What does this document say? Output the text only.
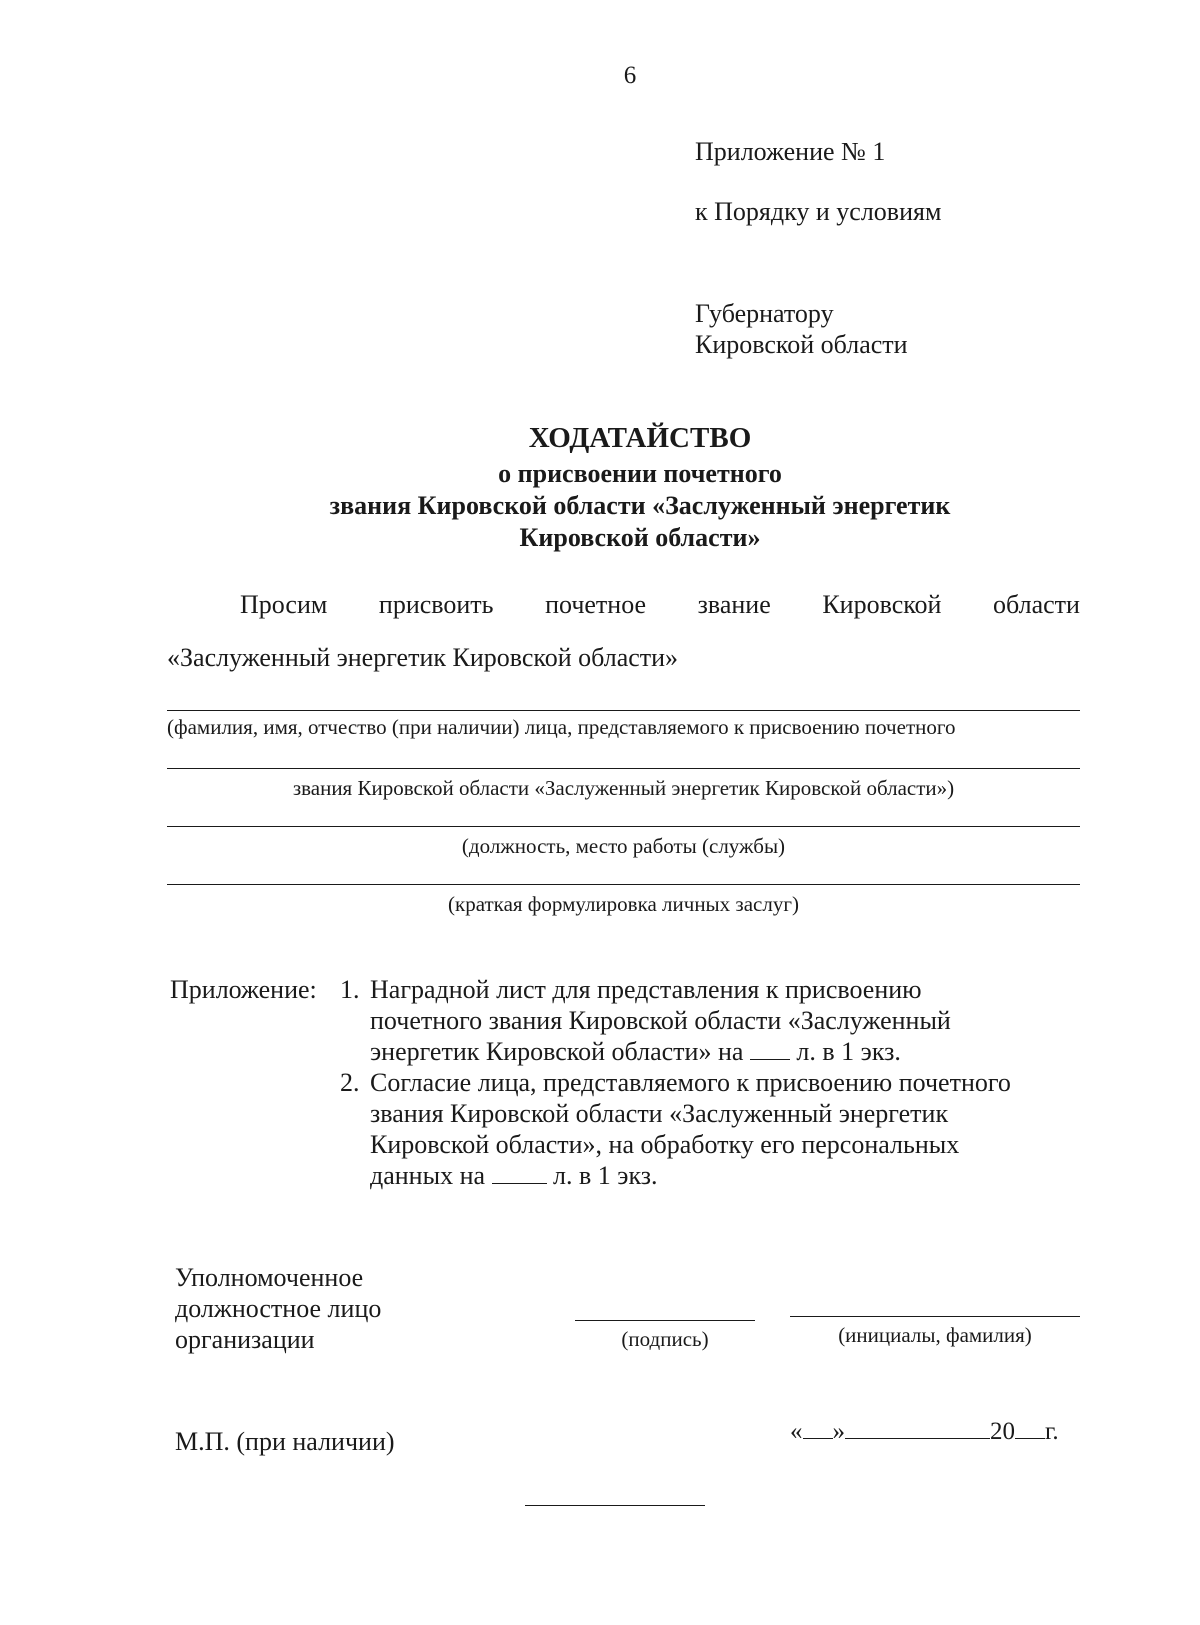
6
Приложение № 1
к Порядку и условиям
Губернатору
Кировской области
ХОДАТАЙСТВО
о присвоении почетного
звания Кировской области «Заслуженный энергетик
Кировской области»
Просим присвоить почетное звание Кировской области
«Заслуженный энергетик Кировской области»
(фамилия, имя, отчество (при наличии) лица, представляемого к присвоению почетного
звания Кировской области «Заслуженный энергетик Кировской области»)
(должность, место работы (службы)
(краткая формулировка личных заслуг)
Приложение: 1. Наградной лист для представления к присвоению
почетного звания Кировской области «Заслуженный
энергетик Кировской области» на л. в 1 экз.
2. Согласие лица, представляемого к присвоению почетного
звания Кировской области «Заслуженный энергетик
Кировской области», на обработку его персональных
данных на	л. в 1 экз.
Уполномоченное
должностное лицо
организации	(подпись)	(инициалы, фамилия)
М.П. (при наличии)	« »	20 г.
